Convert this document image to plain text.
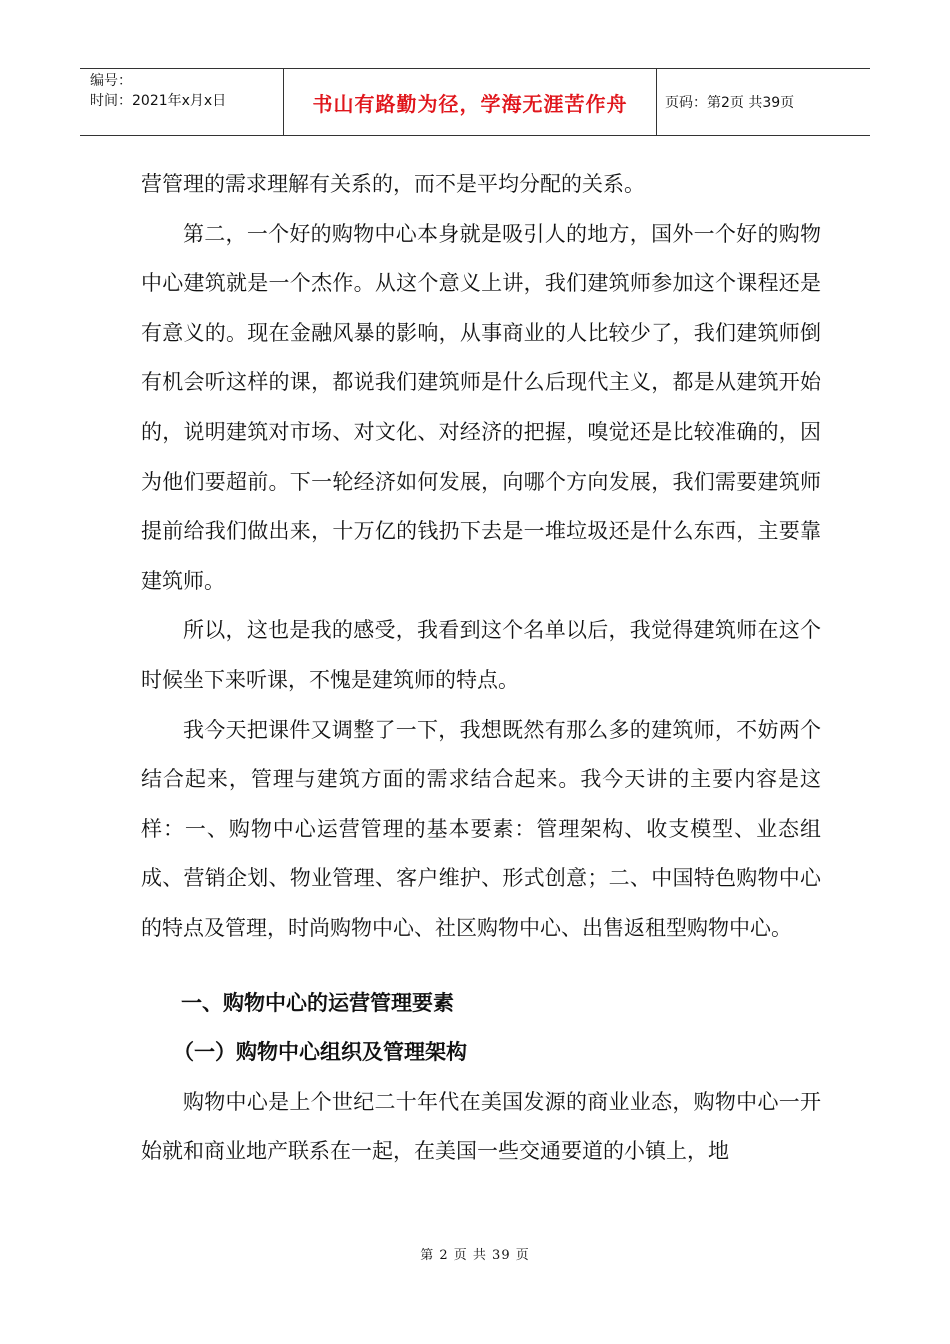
编号：
时间：2021年x月x日	书山有路勤为径，学海无涯苦作舟	页码：第2页 共39页

营管理的需求理解有关系的，而不是平均分配的关系。

第二，一个好的购物中心本身就是吸引人的地方，国外一个好的购物中心建筑就是一个杰作。从这个意义上讲，我们建筑师参加这个课程还是有意义的。现在金融风暴的影响，从事商业的人比较少了，我们建筑师倒有机会听这样的课，都说我们建筑师是什么后现代主义，都是从建筑开始的，说明建筑对市场、对文化、对经济的把握，嗅觉还是比较准确的，因为他们要超前。下一轮经济如何发展，向哪个方向发展，我们需要建筑师提前给我们做出来，十万亿的钱扔下去是一堆垃圾还是什么东西，主要靠建筑师。

所以，这也是我的感受，我看到这个名单以后，我觉得建筑师在这个时候坐下来听课，不愧是建筑师的特点。

我今天把课件又调整了一下，我想既然有那么多的建筑师，不妨两个结合起来，管理与建筑方面的需求结合起来。我今天讲的主要内容是这样：一、购物中心运营管理的基本要素：管理架构、收支模型、业态组成、营销企划、物业管理、客户维护、形式创意；二、中国特色购物中心的特点及管理，时尚购物中心、社区购物中心、出售返租型购物中心。

一、购物中心的运营管理要素

（一）购物中心组织及管理架构

购物中心是上个世纪二十年代在美国发源的商业业态，购物中心一开始就和商业地产联系在一起，在美国一些交通要道的小镇上，地

第 2 页 共 39 页
